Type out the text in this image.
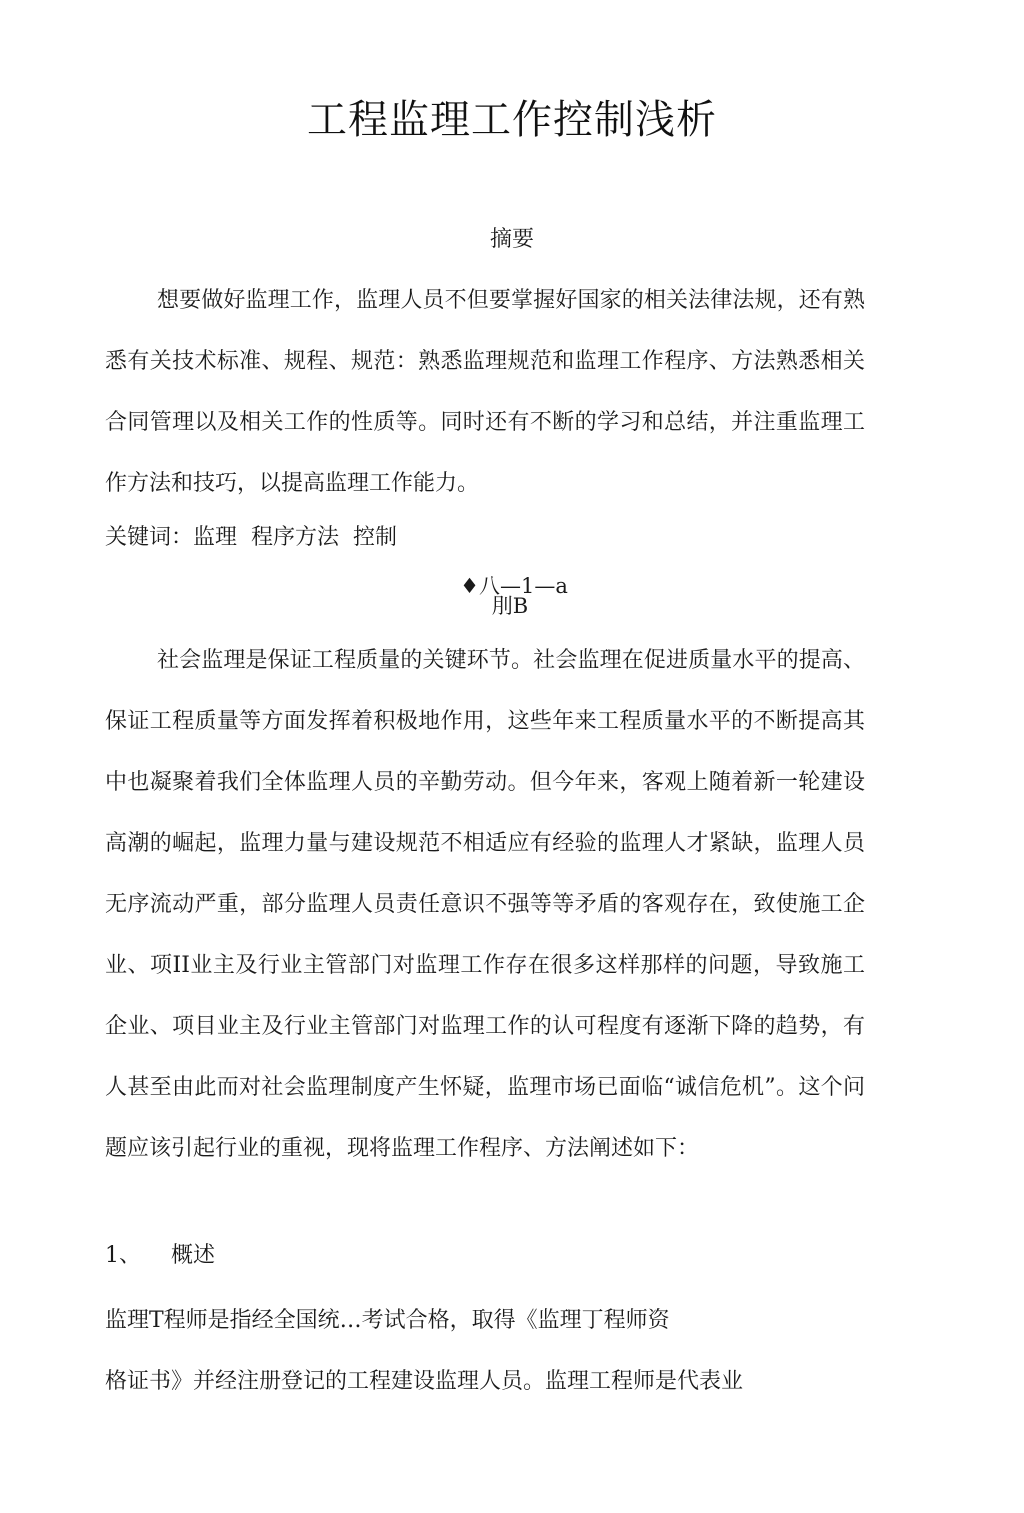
工程监理工作控制浅析
摘要
想要做好监理工作，监理人员不但要掌握好国家的相关法律法规，还有熟悉有关技术标准、规程、规范：熟悉监理规范和监理工作程序、方法熟悉相关合同管理以及相关工作的性质等。同时还有不断的学习和总结，并注重监理工作方法和技巧，以提高监理工作能力。
关键词：监理  程序方法  控制
♦八—1—a
刖B
社会监理是保证工程质量的关键环节。社会监理在促进质量水平的提高、保证工程质量等方面发挥着积极地作用，这些年来工程质量水平的不断提高其中也凝聚着我们全体监理人员的辛勤劳动。但今年来，客观上随着新一轮建设高潮的崛起，监理力量与建设规范不相适应有经验的监理人才紧缺，监理人员无序流动严重，部分监理人员责任意识不强等等矛盾的客观存在，致使施工企业、项II业主及行业主管部门对监理工作存在很多这样那样的问题，导致施工企业、项目业主及行业主管部门对监理工作的认可程度有逐渐下降的趋势，有人甚至由此而对社会监理制度产生怀疑，监理市场已面临“诚信危机”。这个问题应该引起行业的重视，现将监理工作程序、方法阐述如下：
1、 概述
监理T程师是指经全国统…考试合格，取得《监理丁程师资
格证书》并经注册登记的工程建设监理人员。监理工程师是代表业
